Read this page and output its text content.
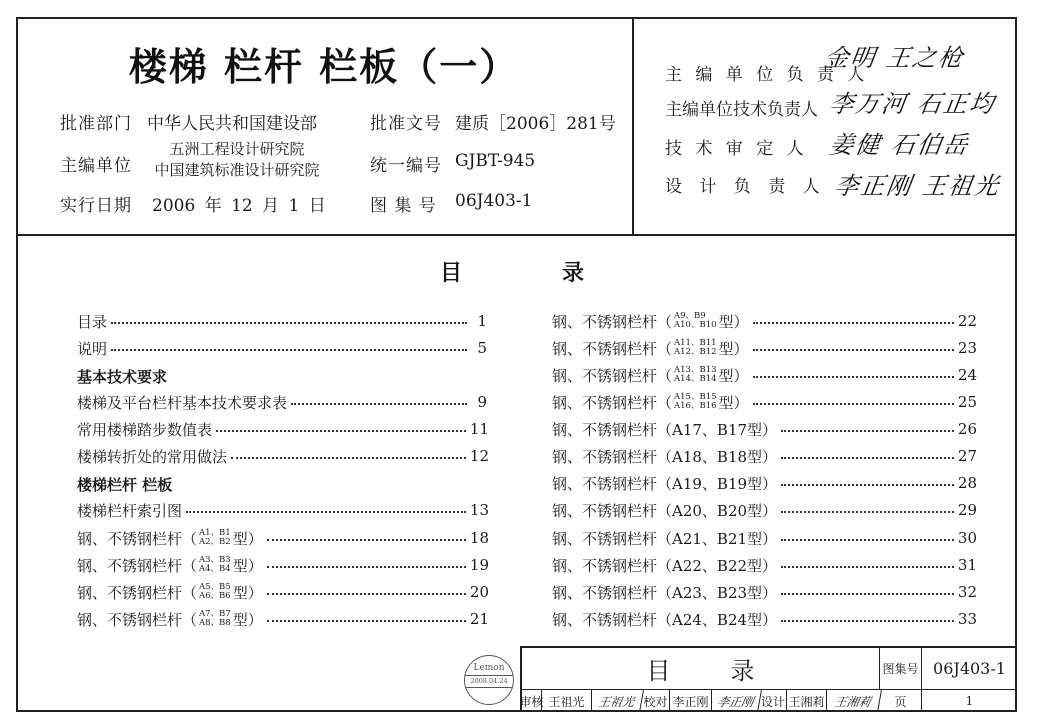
楼梯 栏杆 栏板（一）
批准部门 中华人民共和国建设部
主编单位
五洲工程设计研究院
中国建筑标准设计研究院
实行日期 2006 年 12 月 1 日
批准文号 建质［2006］281号
统一编号 GJBT-945
图 集 号 06J403-1
主 编 单 位 负 责 人
金明 王之枪
主编单位技术负责人 李万河 石正均
技 术 审 定 人 姜健 石伯岳
设 计 负 责 人 李正刚 王祖光
目	录
目录	1
说明	5
基本技术要求
楼梯及平台栏杆基本技术要求表	9
常用楼梯踏步数值表	11
楼梯转折处的常用做法	12
楼梯栏杆 栏板
楼梯栏杆索引图	13
钢、不锈钢栏杆（ A1、B1
A2、B2 型）	18
钢、不锈钢栏杆（ A3、B3
A4、B4 型）	19
钢、不锈钢栏杆（ A5、B5
A6、B6 型）	20
钢、不锈钢栏杆（ A7、B7
A8、B8 型）	21
钢、不锈钢栏杆（ A9、B9
A10、B10 型）	22
钢、不锈钢栏杆（ A11、B11
A12、B12 型）	23
钢、不锈钢栏杆（ A13、B13
A14、B14 型）	24
钢、不锈钢栏杆（ A15、B15
A16、B16 型）	25
钢、不锈钢栏杆（A17、B17型）	26
钢、不锈钢栏杆（A18、B18型）	27
钢、不锈钢栏杆（A19、B19型）	28
钢、不锈钢栏杆（A20、B20型）	29
钢、不锈钢栏杆（A21、B21型）	30
钢、不锈钢栏杆（A22、B22型）	31
钢、不锈钢栏杆（A23、B23型）	32
钢、不锈钢栏杆（A24、B24型）	33
Lemon
2008.04.24	目	录	图集号 06J403-1
审核 王祖光	王祖光 校对 李正刚 李正刚 设计 王湘莉 王湘莉	页	1
